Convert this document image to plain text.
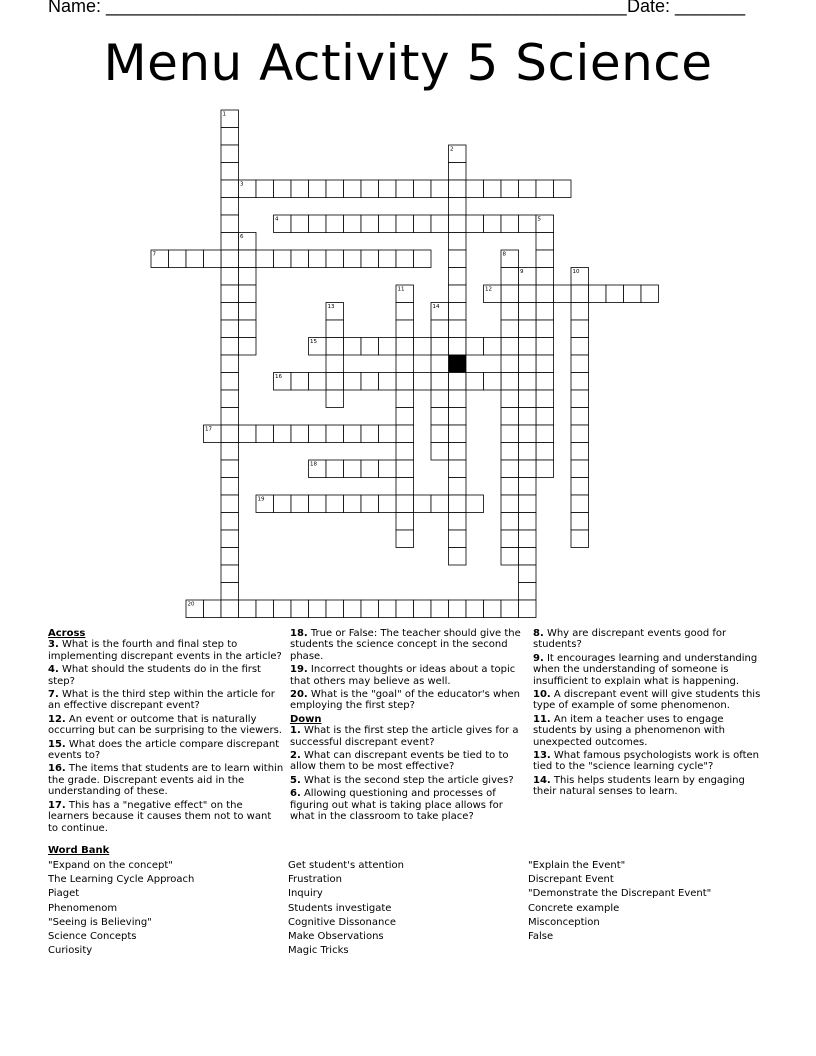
Name: ____________________________________________________ Date: _______
Menu Activity 5 Science
1
2
3
4	5
6
7	8
9	10
11	12
13	14
15
16
17
18
19
20
Across
3. What is the fourth and final step to implementing discrepant events in the article?
4. What should the students do in the first step?
7. What is the third step within the article for an effective discrepant event?
12. An event or outcome that is naturally occurring but can be surprising to the viewers.
15. What does the article compare discrepant events to?
16. The items that students are to learn within the grade. Discrepant events aid in the understanding of these.
17. This has a "negative effect" on the learners because it causes them not to want to continue.
18. True or False: The teacher should give the students the science concept in the second phase.
19. Incorrect thoughts or ideas about a topic that others may believe as well.
20. What is the "goal" of the educator's when employing the first step?
Down
1. What is the first step the article gives for a successful discrepant event?
2. What can discrepant events be tied to to allow them to be most effective?
5. What is the second step the article gives?
6. Allowing questioning and processes of figuring out what is taking place allows for what in the classroom to take place?
8. Why are discrepant events good for students?
9. It encourages learning and understanding when the understanding of someone is insufficient to explain what is happening.
10. A discrepant event will give students this type of example of some phenomenon.
11. An item a teacher uses to engage students by using a phenomenon with unexpected outcomes.
13. What famous psychologists work is often tied to the "science learning cycle"?
14. This helps students learn by engaging their natural senses to learn.
Word Bank
"Expand on the concept"
The Learning Cycle Approach
Piaget
Phenomenom
"Seeing is Believing"
Science Concepts
Curiosity
Get student's attention
Frustration
Inquiry
Students investigate
Cognitive Dissonance
Make Observations
Magic Tricks
"Explain the Event"
Discrepant Event
"Demonstrate the Discrepant Event"
Concrete example
Misconception
False
